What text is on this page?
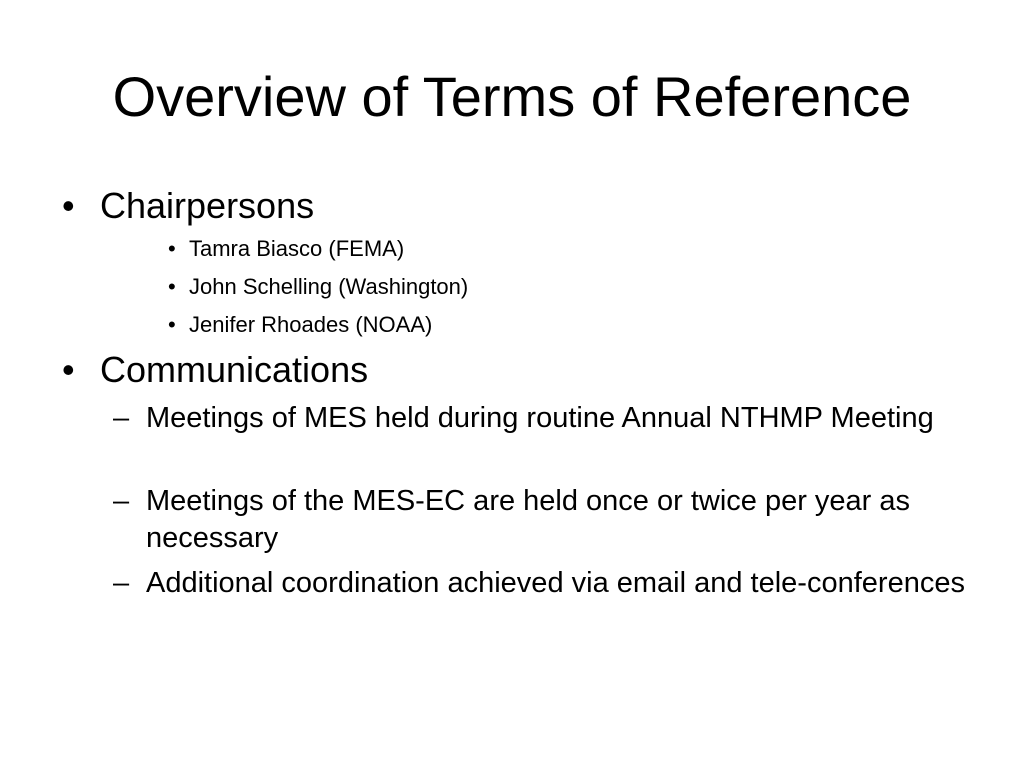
Overview of Terms of Reference
• Chairpersons
• Tamra Biasco (FEMA)
• John Schelling (Washington)
• Jenifer Rhoades (NOAA)
• Communications
– Meetings of MES held during routine Annual NTHMP Meeting
– Meetings of the MES-EC are held once or twice per year as necessary
– Additional coordination achieved via email and tele-conferences
